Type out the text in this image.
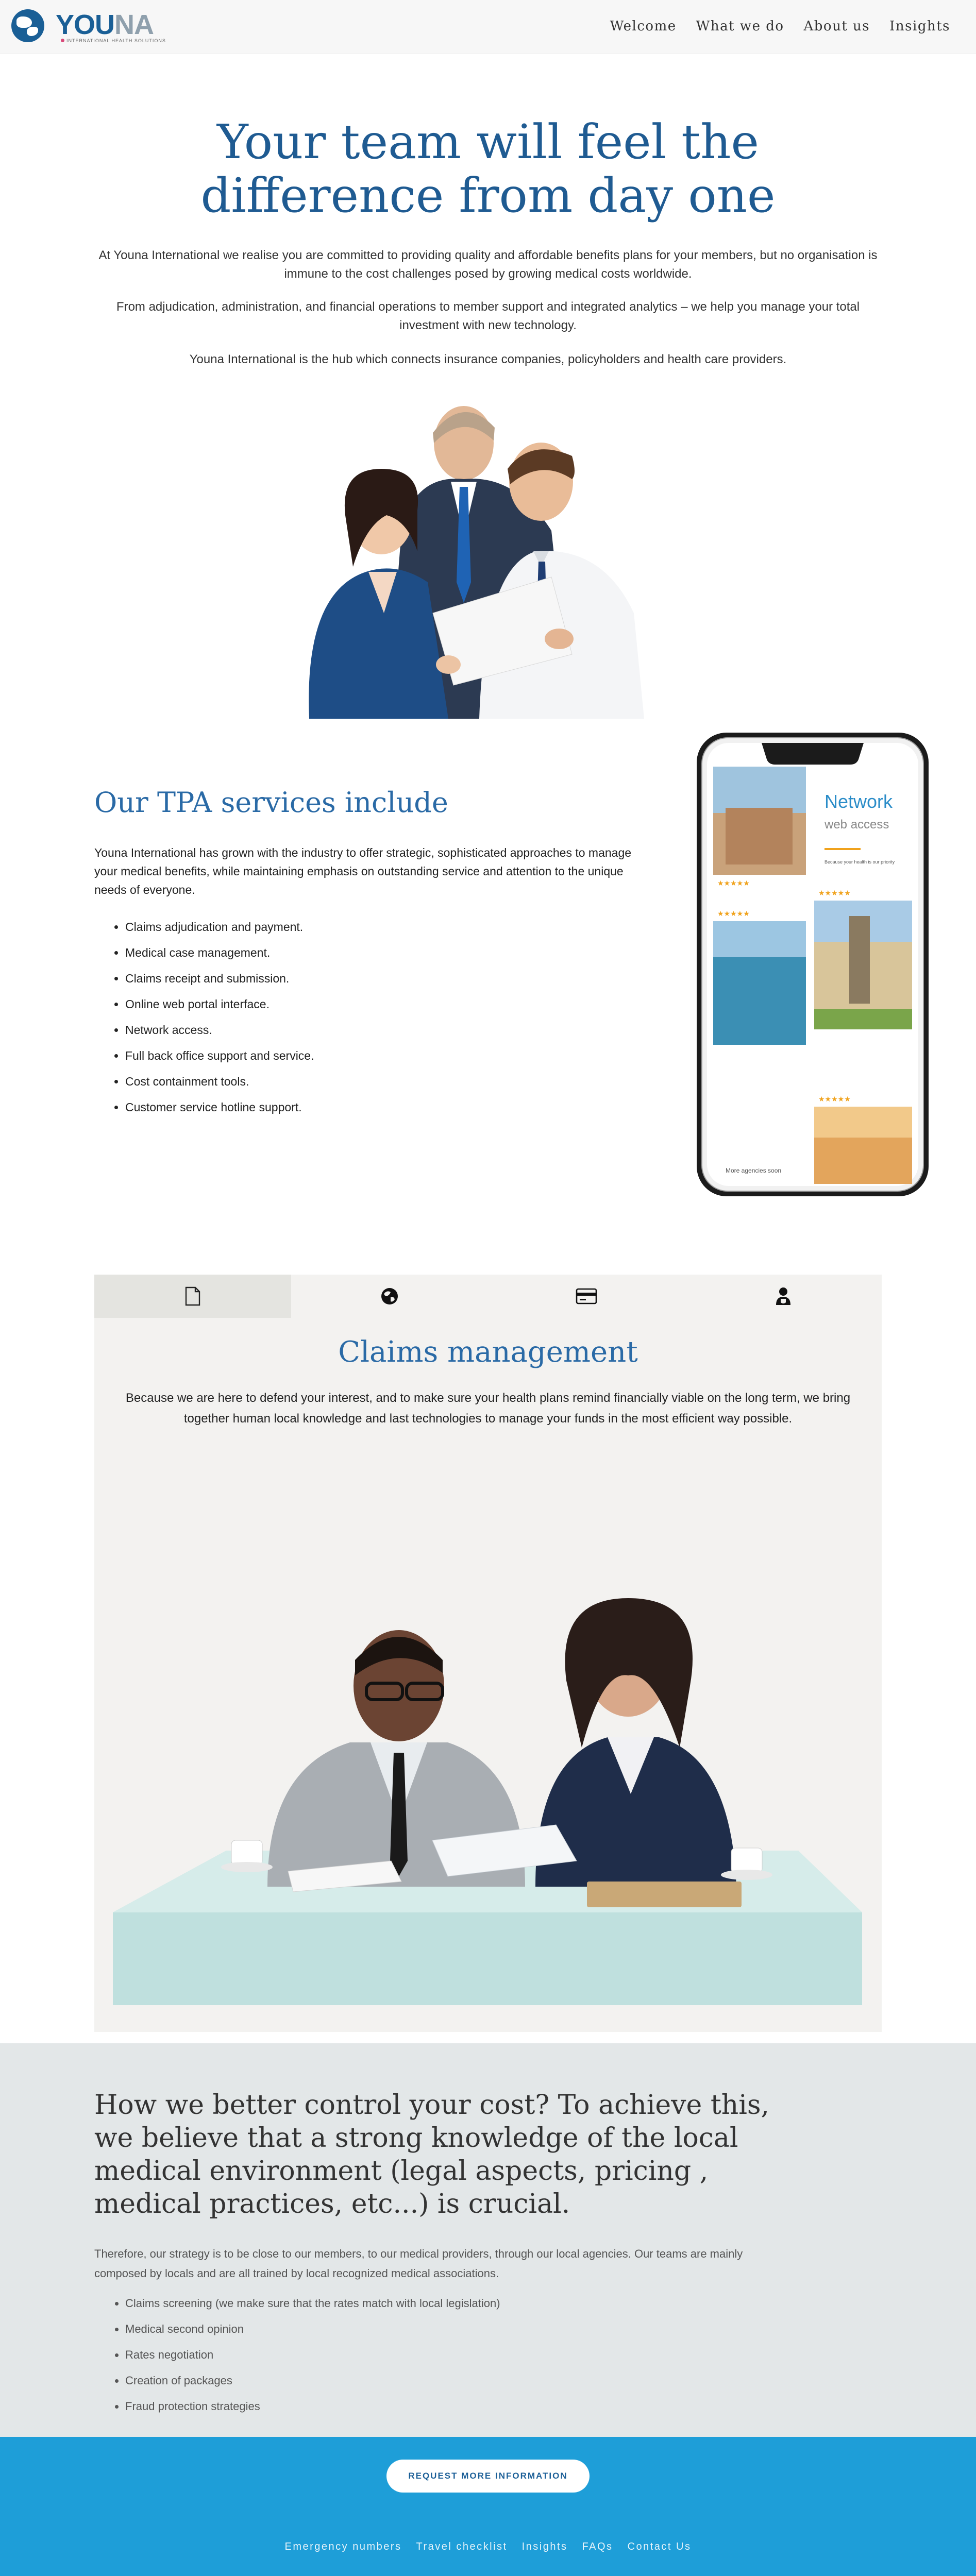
YOUNA
INTERNATIONAL HEALTH SOLUTIONS
Welcome What we do About us Insights
Your team will feel the
difference from day one

At Youna International we realise you are committed to providing quality and affordable benefits plans for your members, but no organisation is immune to the cost challenges posed by growing medical costs worldwide.

From adjudication, administration, and financial operations to member support and integrated analytics – we help you manage your total investment with new technology.

Youna International is the hub which connects insurance companies, policyholders and health care providers.

Our TPA services include

Youna International has grown with the industry to offer strategic, sophisticated approaches to manage your medical benefits, while maintaining emphasis on outstanding service and attention to the unique needs of everyone.

• Claims adjudication and payment.
• Medical case management.
• Claims receipt and submission.
• Online web portal interface.
• Network access.
• Full back office support and service.
• Cost containment tools.
• Customer service hotline support.
Network
web access
Because your health is our priority
★★★★★
★★★★★
★★★★★
★★★★★
More agencies soon
Claims management

Because we are here to defend your interest, and to make sure your health plans remind financially viable on the long term, we bring together human local knowledge and last technologies to manage your funds in the most efficient way possible.

How we better control your cost? To achieve this, we believe that a strong knowledge of the local medical environment (legal aspects, pricing , medical practices, etc...) is crucial.

Therefore, our strategy is to be close to our members, to our medical providers, through our local agencies. Our teams are mainly composed by locals and are all trained by local recognized medical associations.

• Claims screening (we make sure that the rates match with local legislation)
• Medical second opinion
• Rates negotiation
• Creation of packages
• Fraud protection strategies
REQUEST MORE INFORMATION
Emergency numbers Travel checklist Insights FAQs Contact Us
